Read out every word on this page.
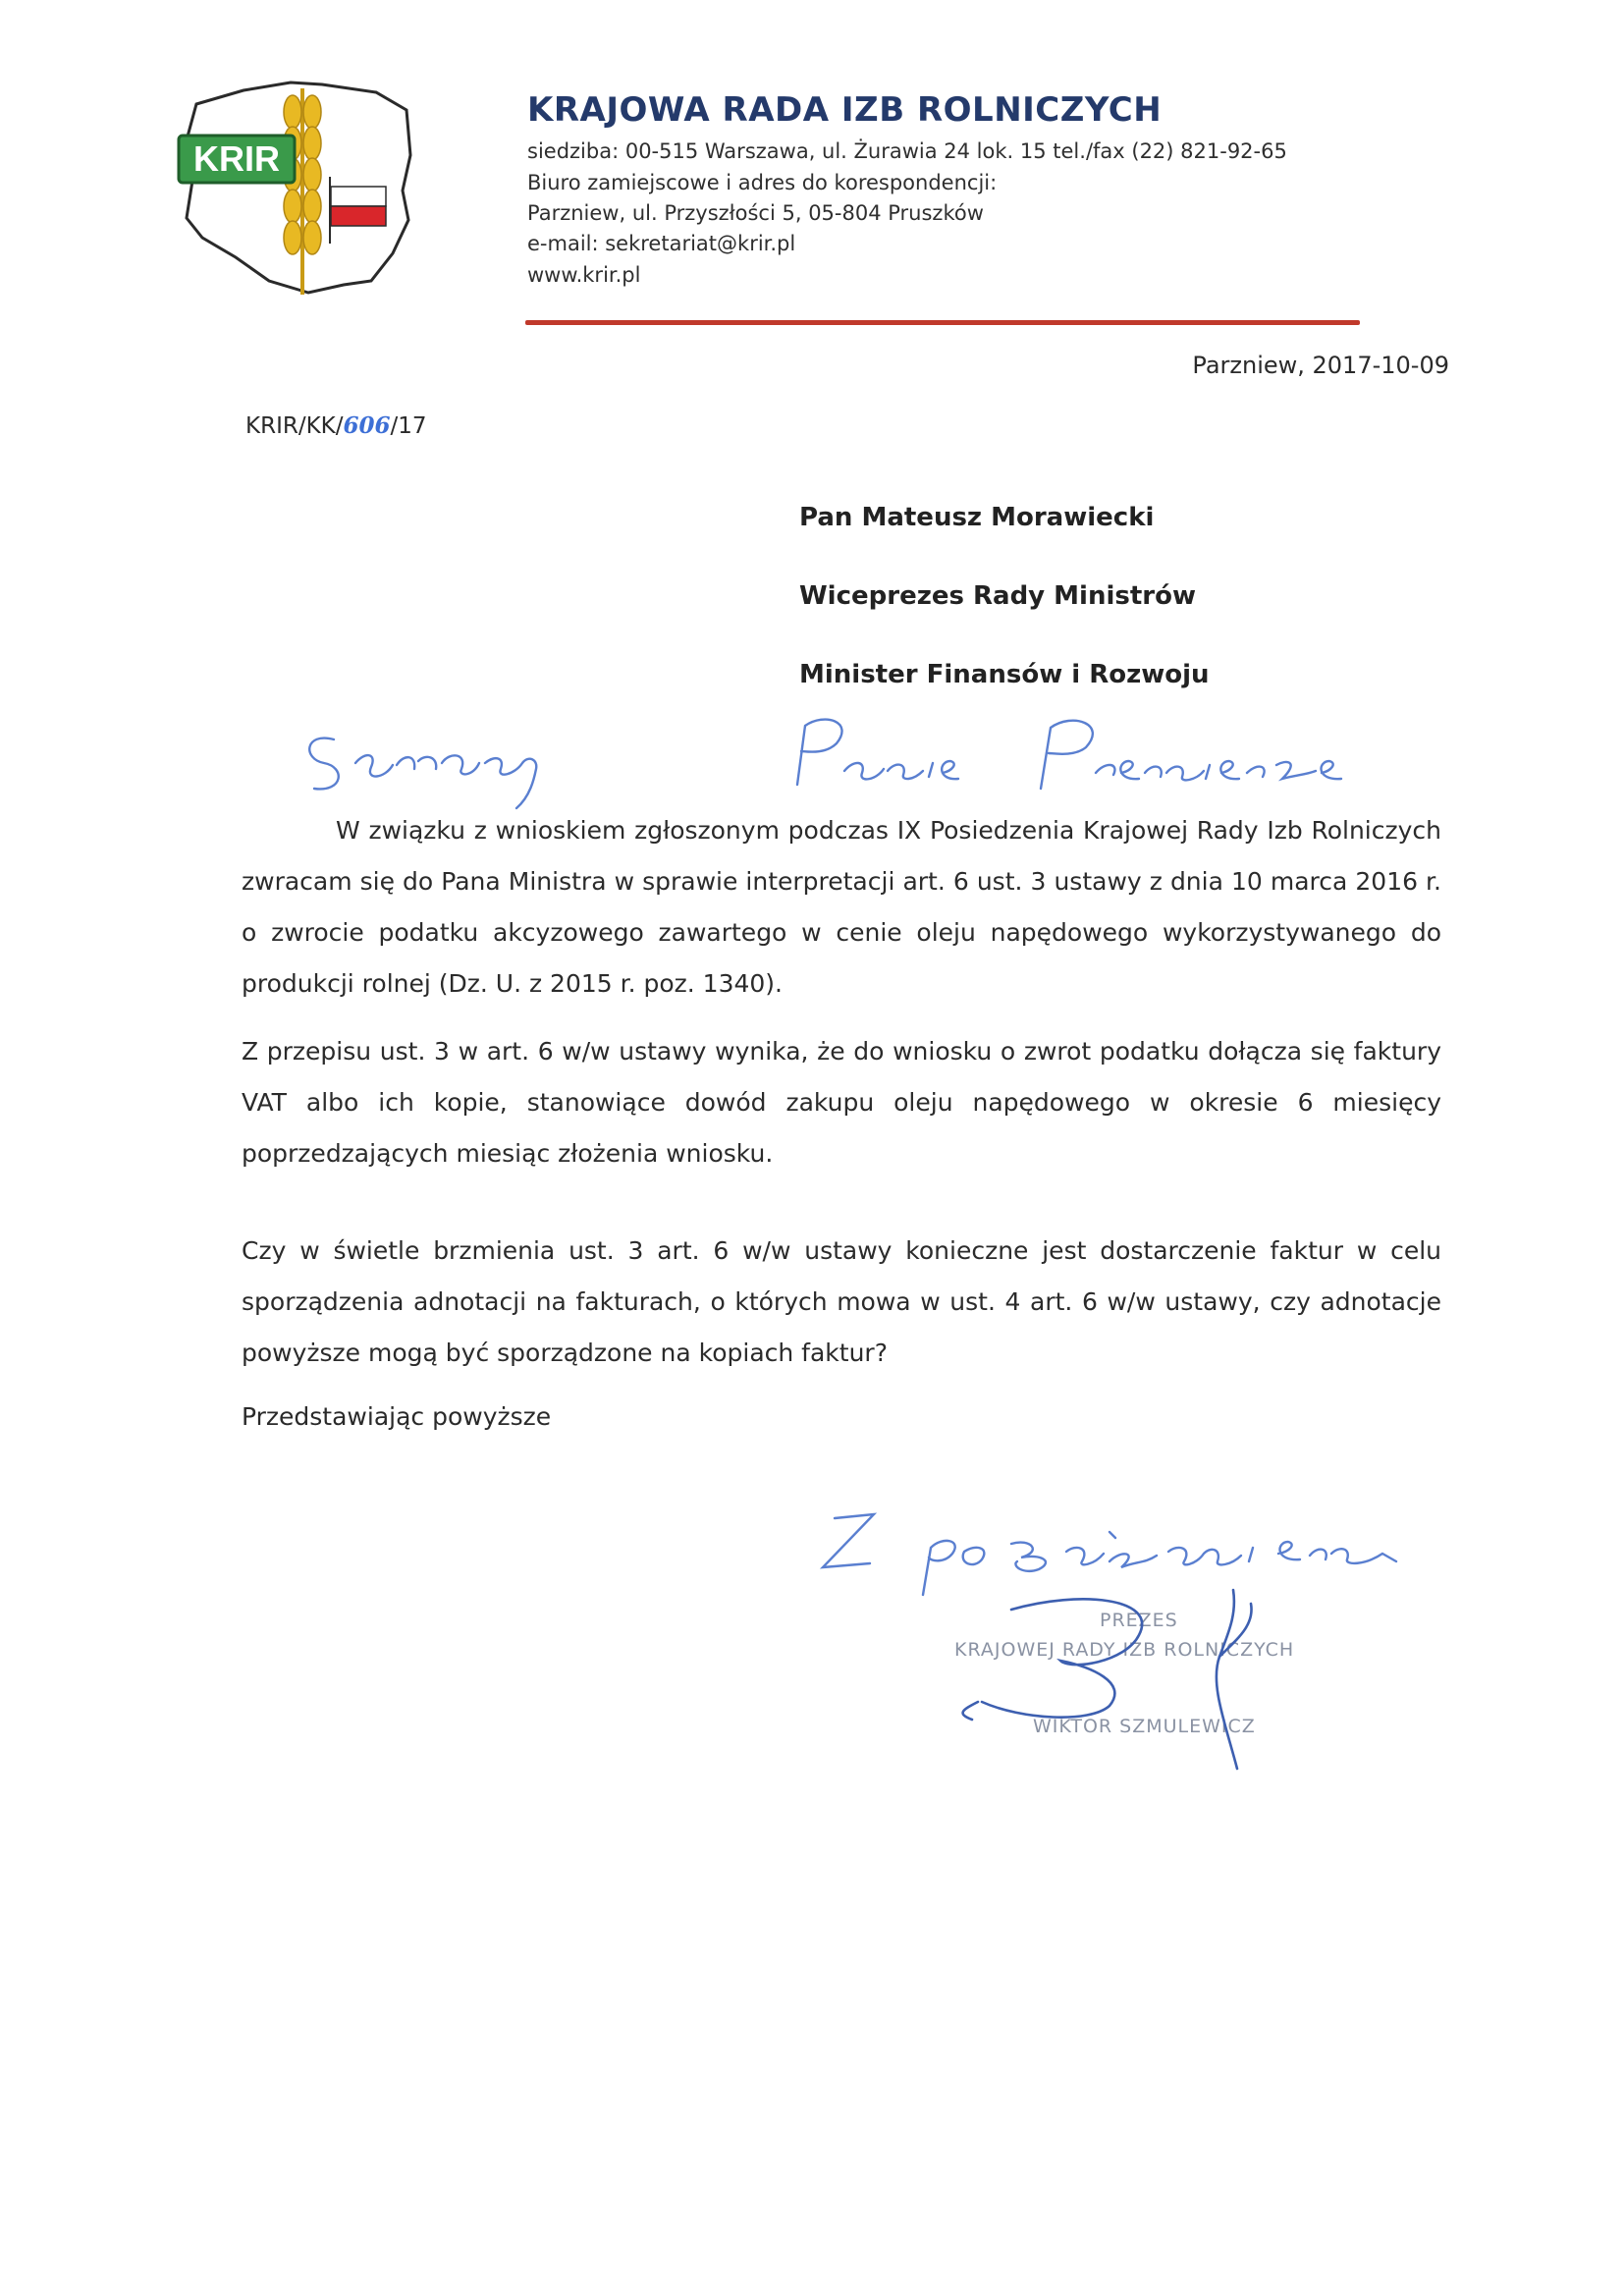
KRIR
KRAJOWA RADA IZB ROLNICZYCH
siedziba: 00-515 Warszawa, ul. Żurawia 24 lok. 15 tel./fax (22) 821-92-65
Biuro zamiejscowe i adres do korespondencji:
Parzniew, ul. Przyszłości 5, 05-804 Pruszków
e-mail: sekretariat@krir.pl
www.krir.pl
Parzniew, 2017-10-09
KRIR/KK/606/17
Pan Mateusz Morawiecki
Wiceprezes Rady Ministrów
Minister Finansów i Rozwoju
W związku z wnioskiem zgłoszonym podczas IX Posiedzenia Krajowej Rady Izb Rolniczych zwracam się do Pana Ministra w sprawie interpretacji art. 6 ust. 3 ustawy z dnia 10 marca 2016 r. o zwrocie podatku akcyzowego zawartego w cenie oleju napędowego wykorzystywanego do produkcji rolnej (Dz. U. z 2015 r. poz. 1340).
Z przepisu ust. 3 w art. 6 w/w ustawy wynika, że do wniosku o zwrot podatku dołącza się faktury VAT albo ich kopie, stanowiące dowód zakupu oleju napędowego w okresie 6 miesięcy poprzedzających miesiąc złożenia wniosku.
Czy w świetle brzmienia ust. 3 art. 6 w/w ustawy konieczne jest dostarczenie faktur w celu sporządzenia adnotacji na fakturach, o których mowa w ust. 4 art. 6 w/w ustawy, czy adnotacje powyższe mogą być sporządzone na kopiach faktur?
Przedstawiając powyższe
PREZES
KRAJOWEJ RADY IZB ROLNICZYCH
WIKTOR SZMULEWICZ
